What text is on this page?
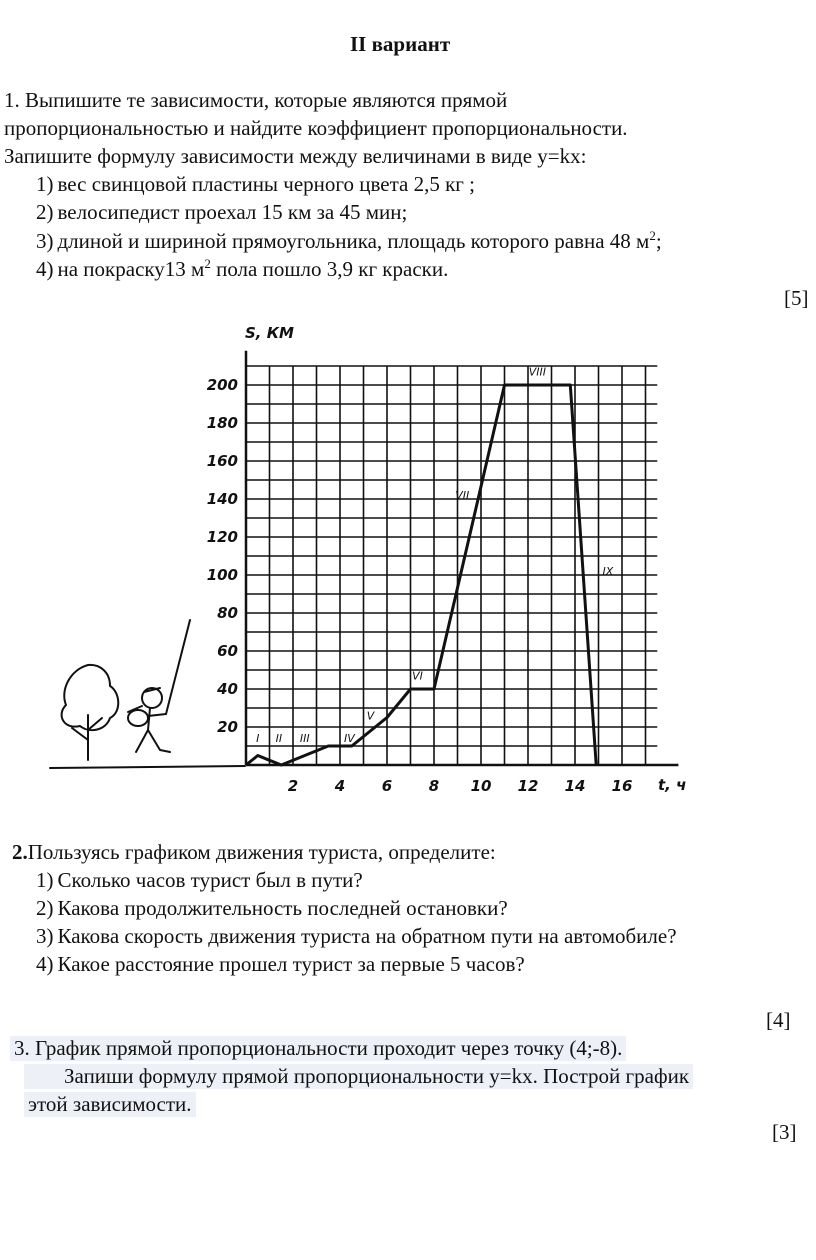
II вариант
1. Выпишите те зависимости, которые являются прямой
пропорциональностью и найдите коэффициент пропорциональности.
Запишите формулу зависимости между величинами в виде y=kx:
1) вес свинцовой пластины черного цвета 2,5 кг ;
2) велосипедист проехал 15 км за 45 мин;
3) длиной и шириной прямоугольника, площадь которого равна 48 $м^2$;
4) на покраску13 $м^2$ пола пошло 3,9 кг краски.
[5]
20
40
60
80
100
120
140
160
180
200
2 4 6 8 10 12 14 16
I II III	IV
V
VI
VII
VIII
IX
S, КМ
t, ч
2.Пользуясь графиком движения туриста, определите:
1) Сколько часов турист был в пути?
2) Какова продолжительность последней остановки?
3) Какова скорость движения туриста на обратном пути на автомобиле?
4) Какое расстояние прошел турист за первые 5 часов?
[4]
3. График прямой пропорциональности проходит через точку (4;-8).
Запиши формулу прямой пропорциональности y=kx. Построй график
этой зависимости.
[3]
